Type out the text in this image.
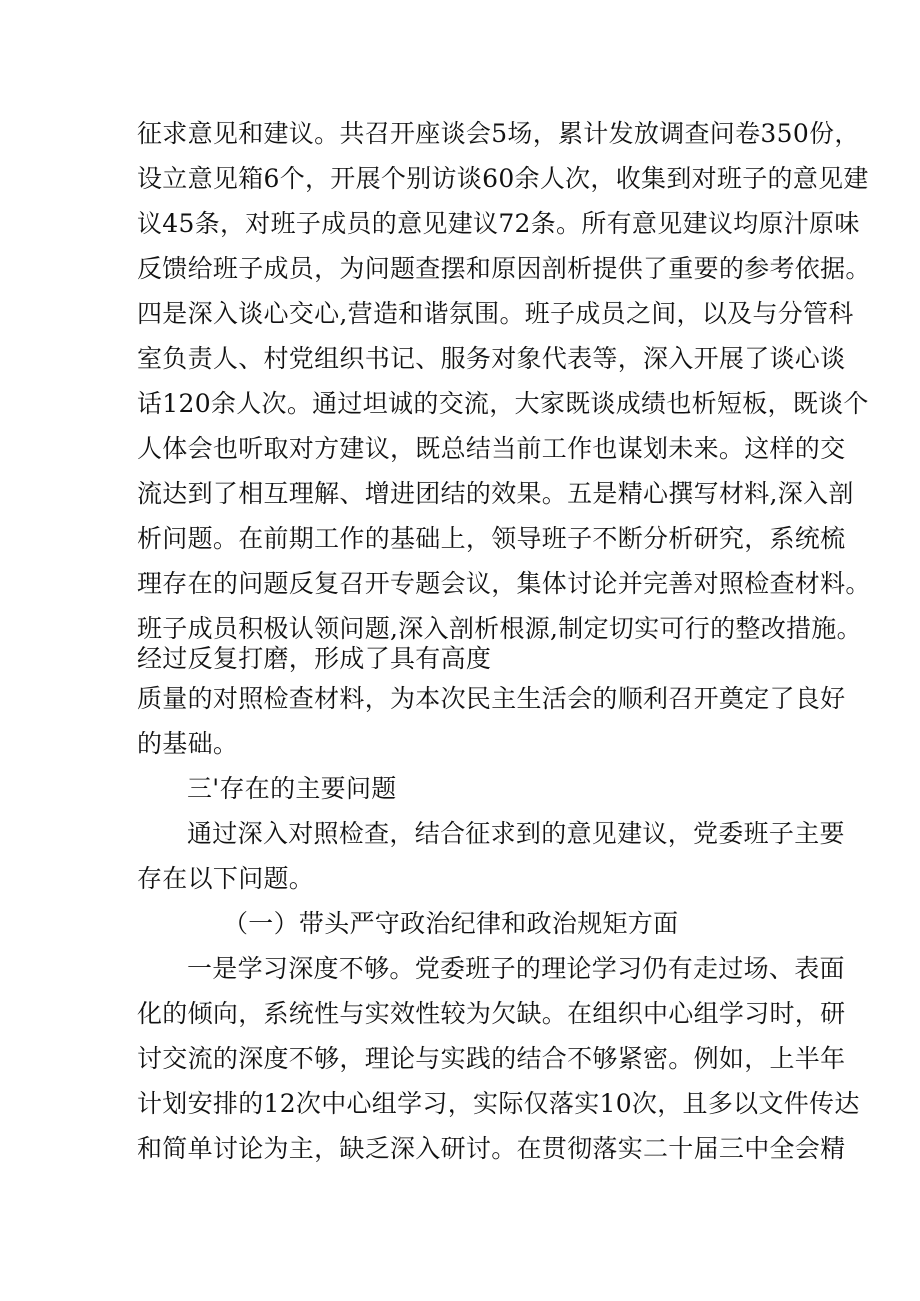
征求意见和建议。共召开座谈会5场，累计发放调查问卷350份，
设立意见箱6个，开展个别访谈60余人次，收集到对班子的意见建
议45条，对班子成员的意见建议72条。所有意见建议均原汁原味
反馈给班子成员，为问题查摆和原因剖析提供了重要的参考依据。
四是深入谈心交心,营造和谐氛围。班子成员之间，以及与分管科
室负责人、村党组织书记、服务对象代表等，深入开展了谈心谈
话120余人次。通过坦诚的交流，大家既谈成绩也析短板，既谈个
人体会也听取对方建议，既总结当前工作也谋划未来。这样的交
流达到了相互理解、增进团结的效果。五是精心撰写材料,深入剖
析问题。在前期工作的基础上，领导班子不断分析研究，系统梳
理存在的问题反复召开专题会议，集体讨论并完善对照检查材料。
班子成员积极认领问题,深入剖析根源,制定切实可行的整改措施。
经过反复打磨，形成了具有高度
质量的对照检查材料，为本次民主生活会的顺利召开奠定了良好
的基础。
三'存在的主要问题
通过深入对照检查，结合征求到的意见建议，党委班子主要
存在以下问题。
（一）带头严守政治纪律和政治规矩方面
一是学习深度不够。党委班子的理论学习仍有走过场、表面
化的倾向，系统性与实效性较为欠缺。在组织中心组学习时，研
讨交流的深度不够，理论与实践的结合不够紧密。例如，上半年
计划安排的12次中心组学习，实际仅落实10次，且多以文件传达
和简单讨论为主，缺乏深入研讨。在贯彻落实二十届三中全会精
